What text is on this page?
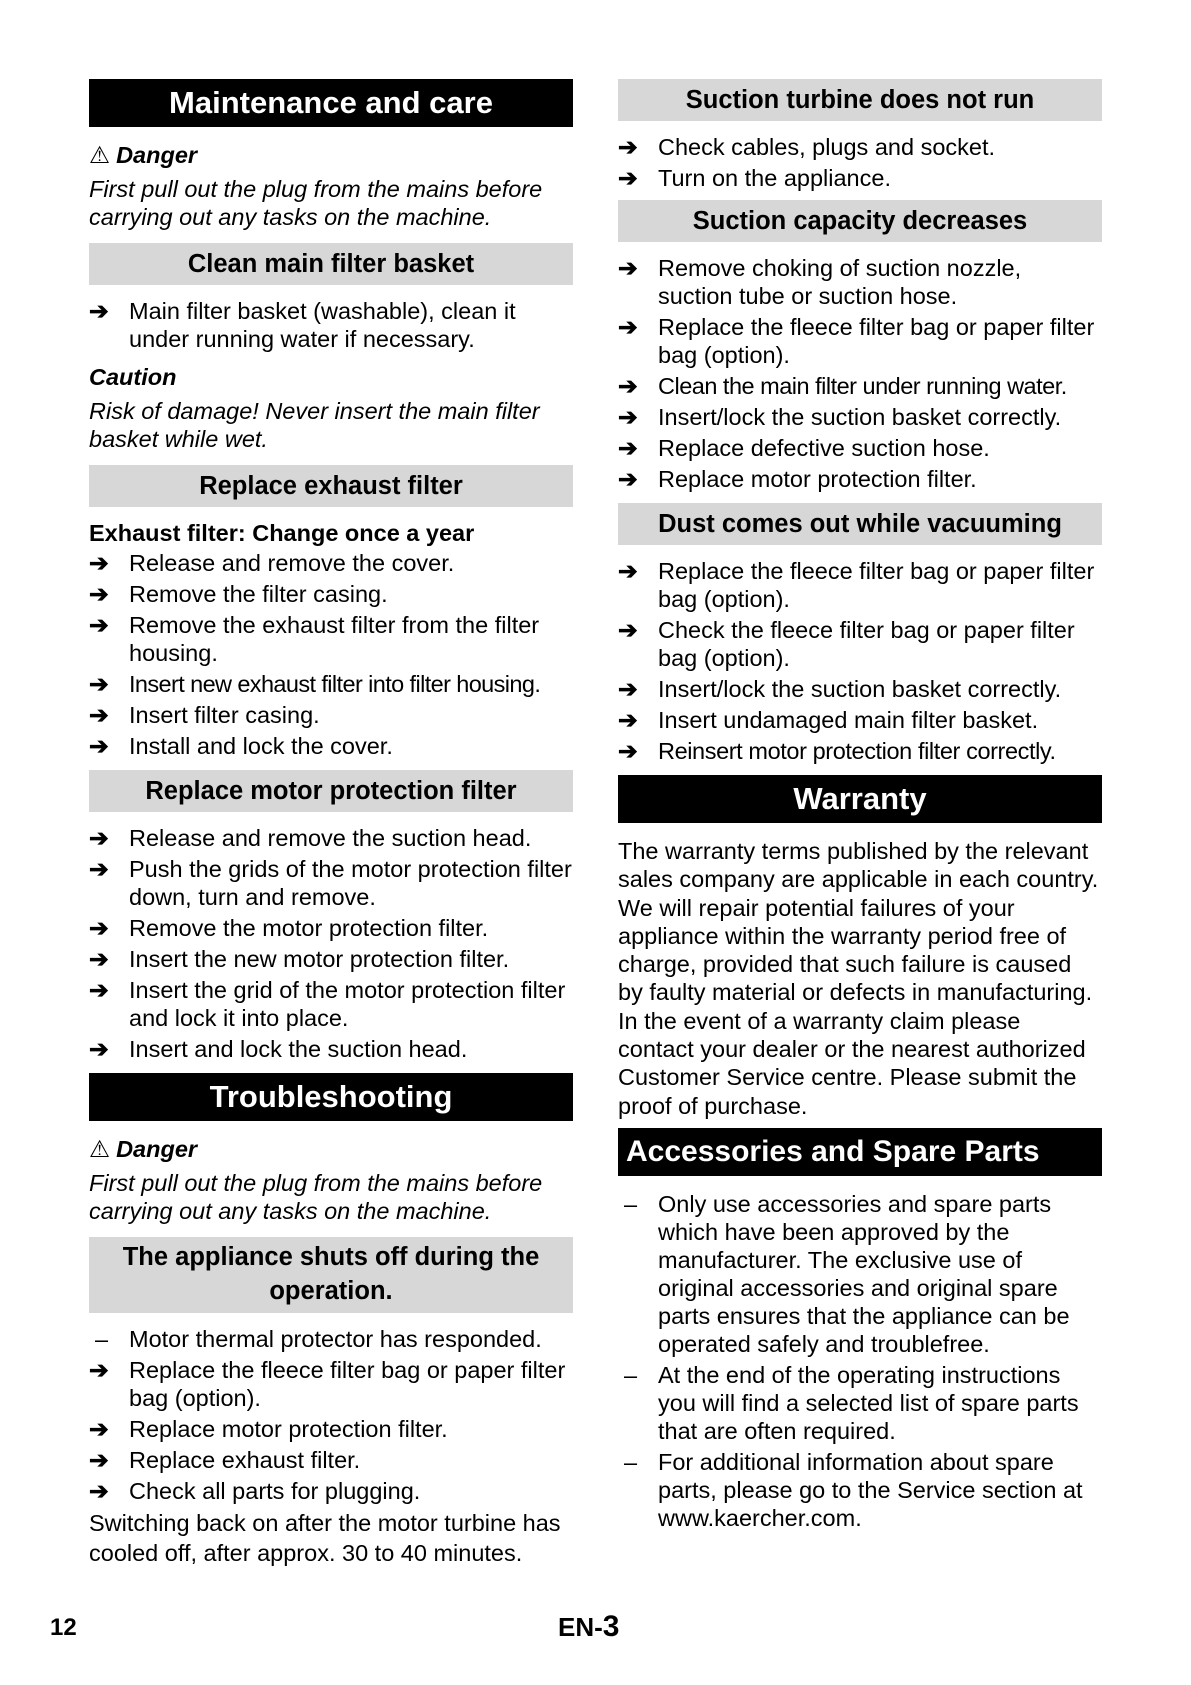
Maintenance and care
⚠ Danger

First pull out the plug from the mains before carrying out any tasks on the machine.

Clean main filter basket
➔ Main filter basket (washable), clean it under running water if necessary.

Caution

Risk of damage! Never insert the main filter basket while wet.

Replace exhaust filter

Exhaust filter: Change once a year

➔ Release and remove the cover.
➔ Remove the filter casing.
➔ Remove the exhaust filter from the filter housing.
➔ Insert new exhaust filter into filter housing.
➔ Insert filter casing.
➔ Install and lock the cover.
Replace motor protection filter
➔ Release and remove the suction head.
➔ Push the grids of the motor protection filter down, turn and remove.
➔ Remove the motor protection filter.
➔ Insert the new motor protection filter.
➔ Insert the grid of the motor protection filter and lock it into place.
➔ Insert and lock the suction head.
Troubleshooting
⚠ Danger

First pull out the plug from the mains before carrying out any tasks on the machine.

The appliance shuts off during the operation.
– Motor thermal protector has responded.
➔ Replace the fleece filter bag or paper filter bag (option).
➔ Replace motor protection filter.
➔ Replace exhaust filter.
➔ Check all parts for plugging.

Switching back on after the motor turbine has cooled off, after approx. 30 to 40 minutes.

Suction turbine does not run
➔ Check cables, plugs and socket.
➔ Turn on the appliance.
Suction capacity decreases
➔ Remove choking of suction nozzle, suction tube or suction hose.
➔ Replace the fleece filter bag or paper filter bag (option).
➔ Clean the main filter under running water.
➔ Insert/lock the suction basket correctly.
➔ Replace defective suction hose.
➔ Replace motor protection filter.
Dust comes out while vacuuming
➔ Replace the fleece filter bag or paper filter bag (option).
➔ Check the fleece filter bag or paper filter bag (option).
➔ Insert/lock the suction basket correctly.
➔ Insert undamaged main filter basket.
➔ Reinsert motor protection filter correctly.
Warranty

The warranty terms published by the relevant sales company are applicable in each country. We will repair potential failures of your appliance within the warranty period free of charge, provided that such failure is caused by faulty material or defects in manufacturing. In the event of a warranty claim please contact your dealer or the nearest authorized Customer Service centre. Please submit the proof of purchase.

Accessories and Spare Parts
– Only use accessories and spare parts which have been approved by the manufacturer. The exclusive use of original accessories and original spare parts ensures that the appliance can be operated safely and troublefree.
– At the end of the operating instructions you will find a selected list of spare parts that are often required.
– For additional information about spare parts, please go to the Service section at www.kaercher.com.
12	EN-3
